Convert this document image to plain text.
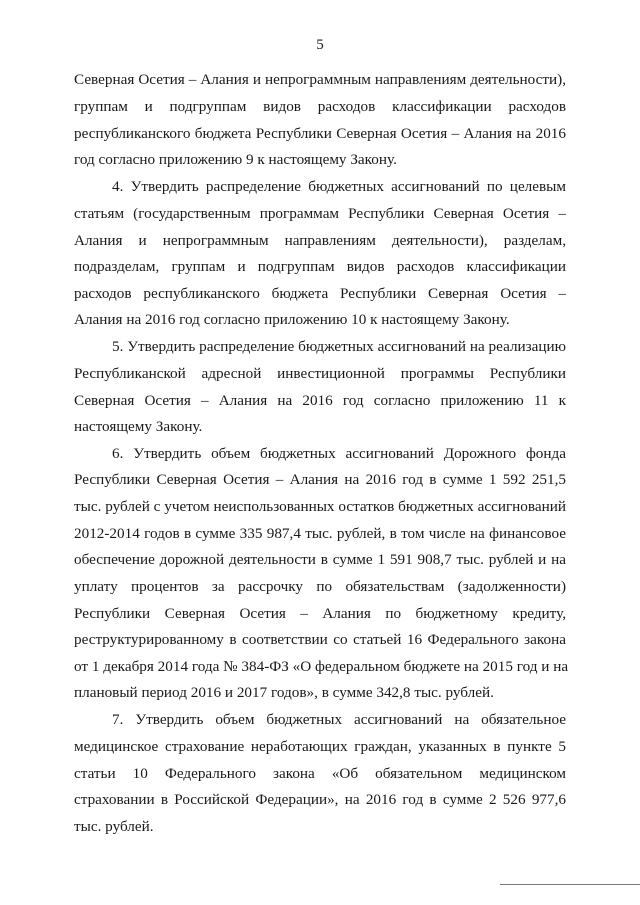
5
Северная Осетия – Алания и непрограммным направлениям деятельности),
группам и подгруппам видов расходов классификации расходов
республиканского бюджета Республики Северная Осетия – Алания на 2016
год согласно приложению 9 к настоящему Закону.
4. Утвердить распределение бюджетных ассигнований по целевым
статьям (государственным программам Республики Северная Осетия –
Алания и непрограммным направлениям деятельности), разделам,
подразделам, группам и подгруппам видов расходов классификации
расходов республиканского бюджета Республики Северная Осетия –
Алания на 2016 год согласно приложению 10 к настоящему Закону.
5. Утвердить распределение бюджетных ассигнований на реализацию
Республиканской адресной инвестиционной программы Республики
Северная Осетия – Алания на 2016 год согласно приложению 11 к
настоящему Закону.
6. Утвердить объем бюджетных ассигнований Дорожного фонда
Республики Северная Осетия – Алания на 2016 год в сумме 1 592 251,5
тыс. рублей с учетом неиспользованных остатков бюджетных ассигнований
2012-2014 годов в сумме 335 987,4 тыс. рублей, в том числе на финансовое
обеспечение дорожной деятельности в сумме 1 591 908,7 тыс. рублей и на
уплату процентов за рассрочку по обязательствам (задолженности)
Республики Северная Осетия – Алания по бюджетному кредиту,
реструктурированному в соответствии со статьей 16 Федерального закона
от 1 декабря 2014 года № 384-ФЗ «О федеральном бюджете на 2015 год и на
плановый период 2016 и 2017 годов», в сумме 342,8 тыс. рублей.
7. Утвердить объем бюджетных ассигнований на обязательное
медицинское страхование неработающих граждан, указанных в пункте 5
статьи 10 Федерального закона «Об обязательном медицинском
страховании в Российской Федерации», на 2016 год в сумме 2 526 977,6
тыс. рублей.
